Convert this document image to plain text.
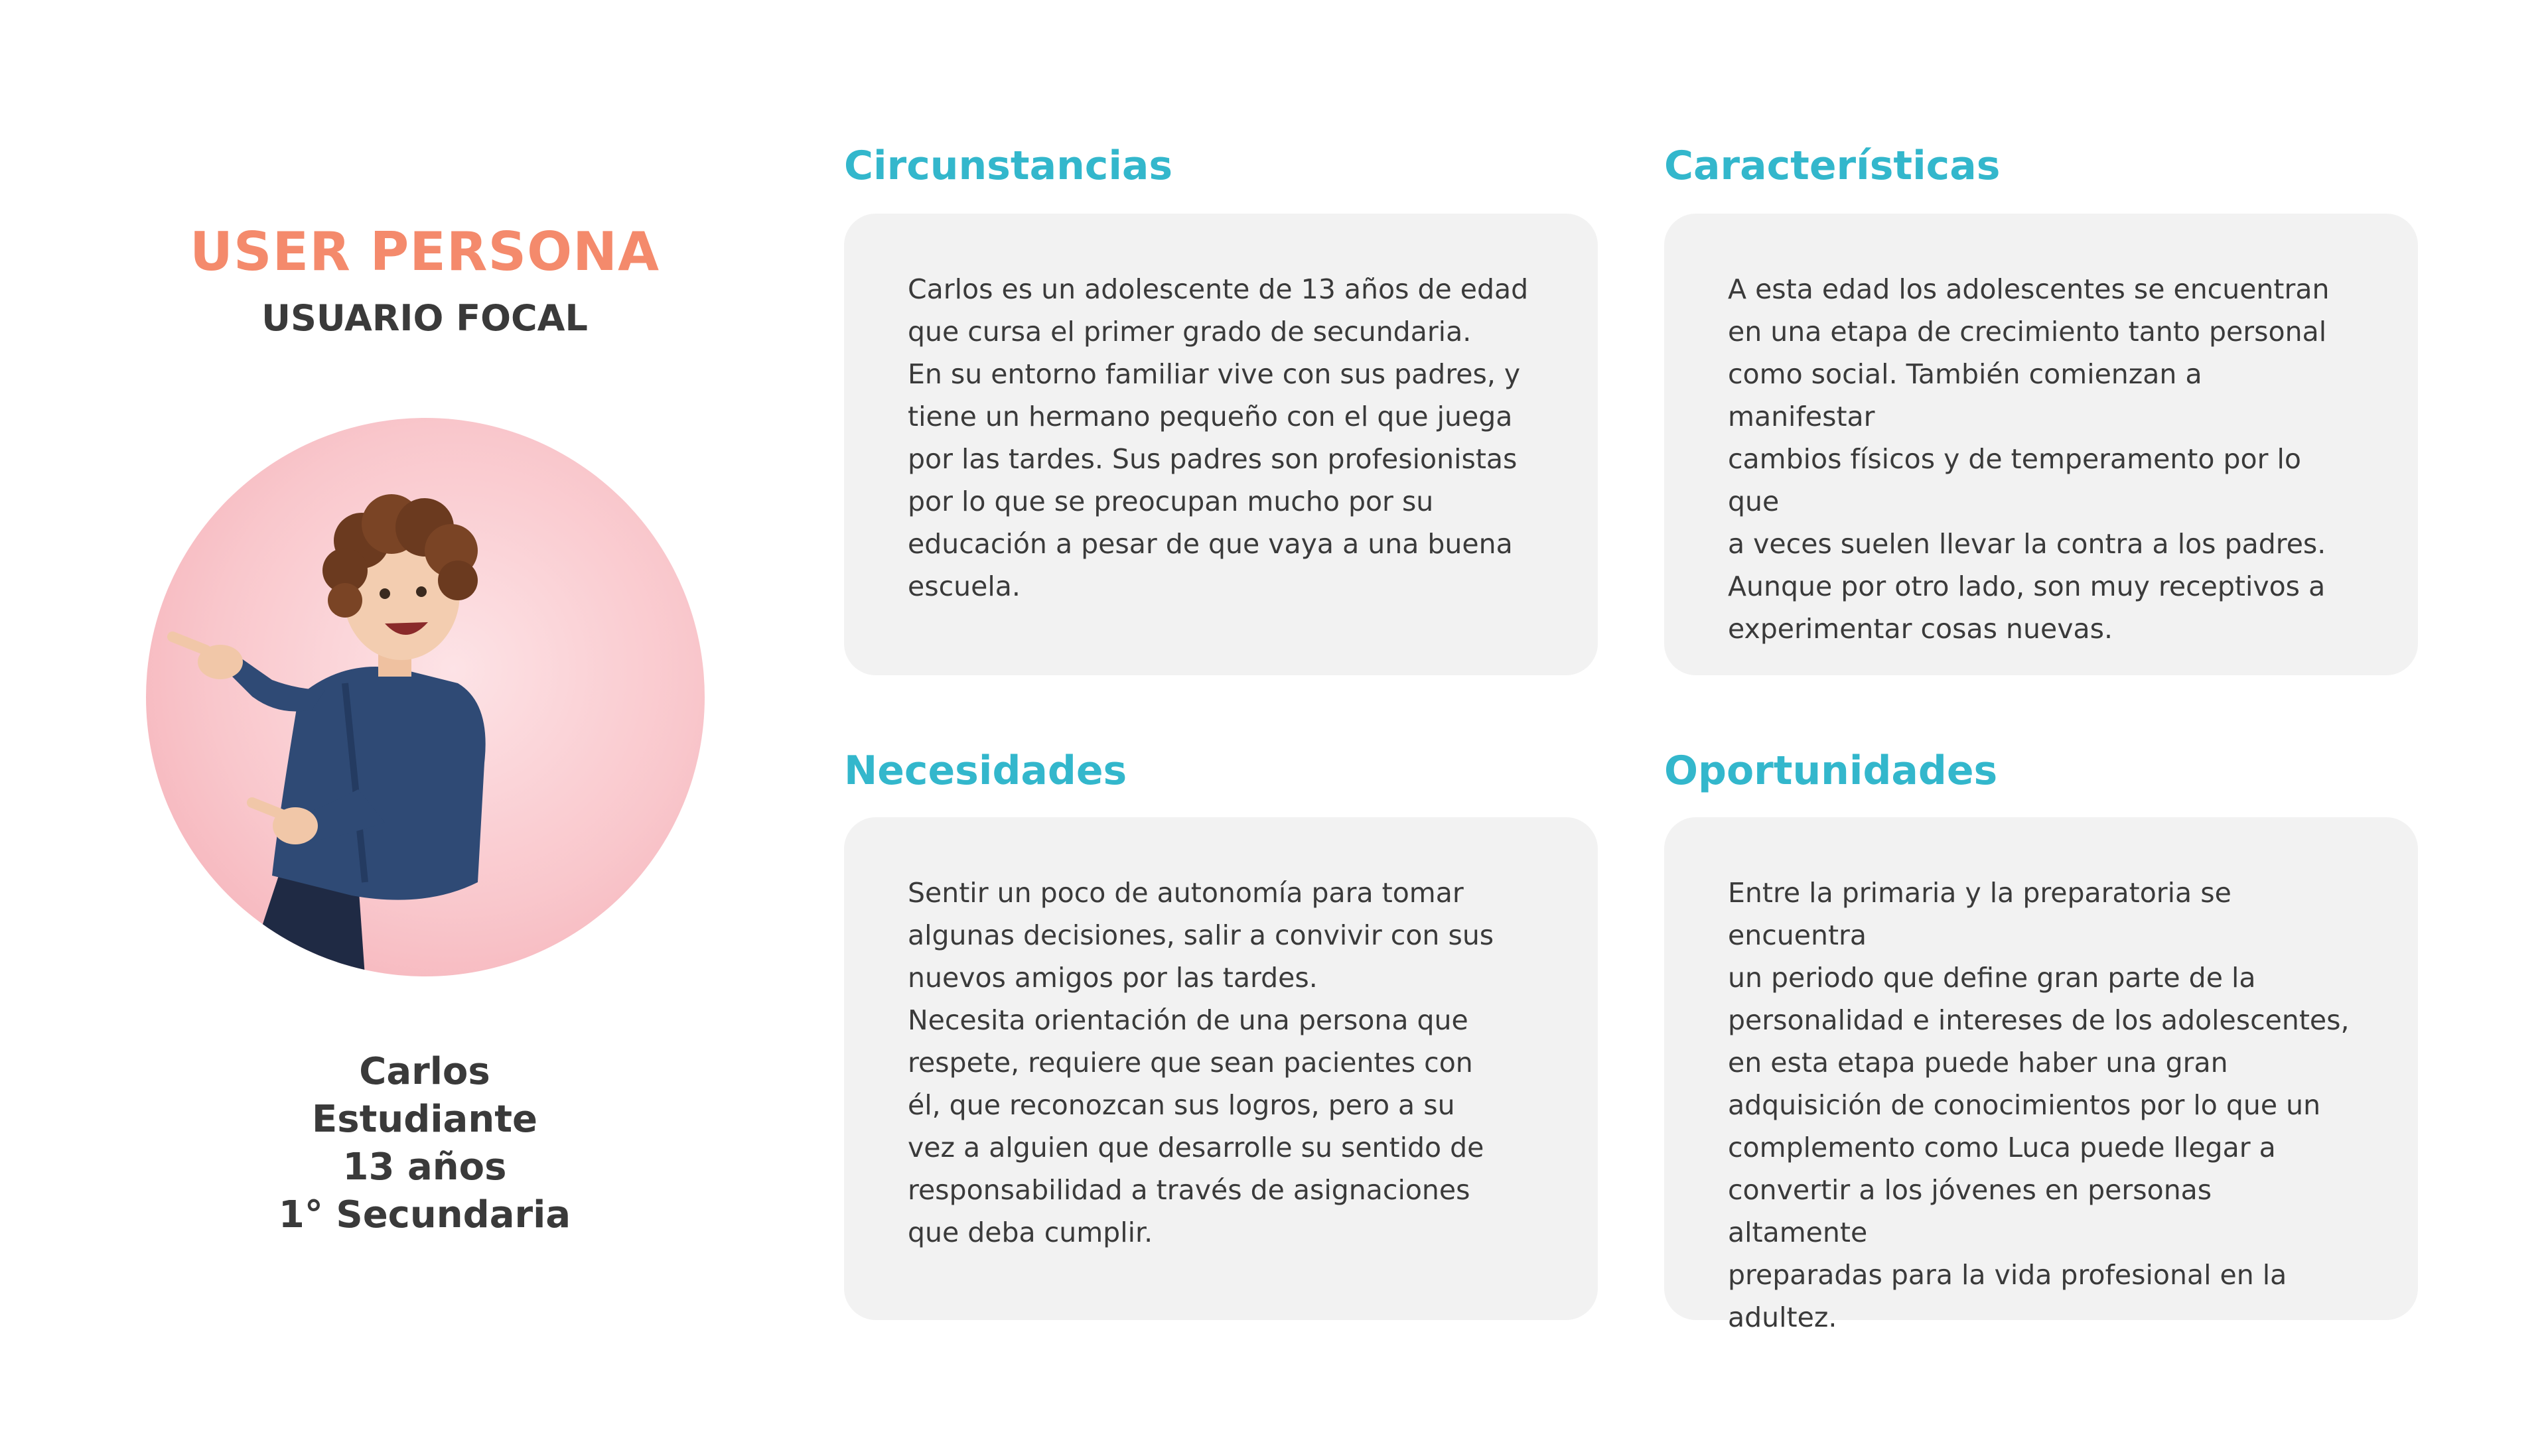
USER PERSONA
USUARIO FOCAL
Carlos
Estudiante
13 años
1° Secundaria
Circunstancias

Carlos es un adolescente de 13 años de edad
que cursa el primer grado de secundaria.
En su entorno familiar vive con sus padres, y
tiene un hermano pequeño con el que juega
por las tardes. Sus padres son profesionistas
por lo que se preocupan mucho por su
educación a pesar de que vaya a una buena
escuela.

Características

A esta edad los adolescentes se encuentran
en una etapa de crecimiento tanto personal
como social. También comienzan a manifestar
cambios físicos y de temperamento por lo que
a veces suelen llevar la contra a los padres.
Aunque por otro lado, son muy receptivos a
experimentar cosas nuevas.

Necesidades

Sentir un poco de autonomía para tomar
algunas decisiones, salir a convivir con sus
nuevos amigos por las tardes.
Necesita orientación de una persona que
respete, requiere que sean pacientes con
él, que reconozcan sus logros, pero a su
vez a alguien que desarrolle su sentido de
responsabilidad a través de asignaciones
que deba cumplir.

Oportunidades

Entre la primaria y la preparatoria se encuentra
un periodo que define gran parte de la
personalidad e intereses de los adolescentes,
en esta etapa puede haber una gran
adquisición de conocimientos por lo que un
complemento como Luca puede llegar a
convertir a los jóvenes en personas altamente
preparadas para la vida profesional en la
adultez.
